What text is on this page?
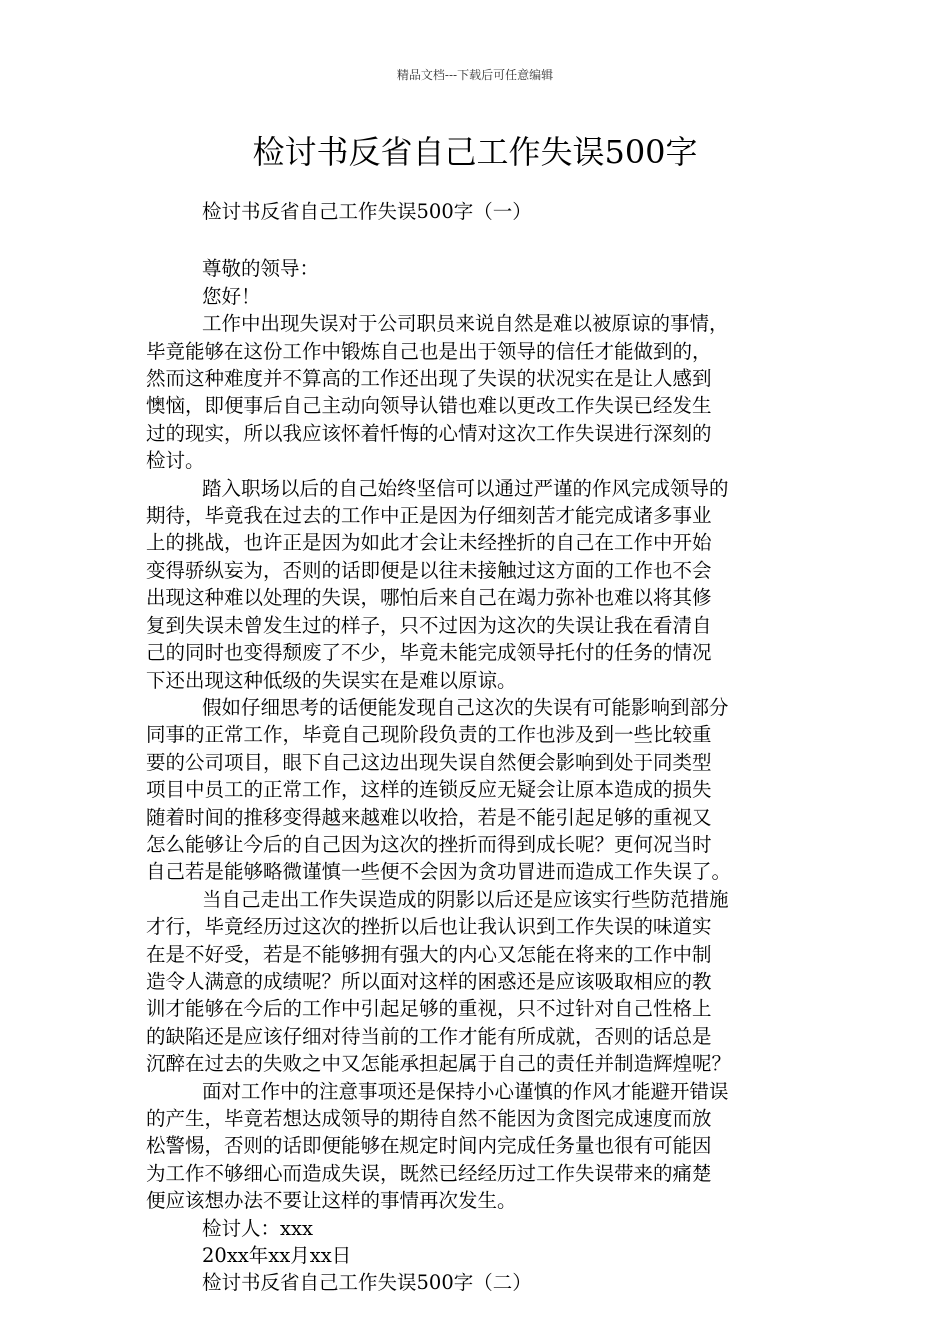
精品文档---下载后可任意编辑
检讨书反省自己工作失误500字
检讨书反省自己工作失误500字（一）
尊敬的领导：
您好！
工作中出现失误对于公司职员来说自然是难以被原谅的事情，
毕竟能够在这份工作中锻炼自己也是出于领导的信任才能做到的，
然而这种难度并不算高的工作还出现了失误的状况实在是让人感到
懊恼，即便事后自己主动向领导认错也难以更改工作失误已经发生
过的现实，所以我应该怀着忏悔的心情对这次工作失误进行深刻的
检讨。
踏入职场以后的自己始终坚信可以通过严谨的作风完成领导的
期待，毕竟我在过去的工作中正是因为仔细刻苦才能完成诸多事业
上的挑战，也许正是因为如此才会让未经挫折的自己在工作中开始
变得骄纵妄为，否则的话即便是以往未接触过这方面的工作也不会
出现这种难以处理的失误，哪怕后来自己在竭力弥补也难以将其修
复到失误未曾发生过的样子，只不过因为这次的失误让我在看清自
己的同时也变得颓废了不少，毕竟未能完成领导托付的任务的情况
下还出现这种低级的失误实在是难以原谅。
假如仔细思考的话便能发现自己这次的失误有可能影响到部分
同事的正常工作，毕竟自己现阶段负责的工作也涉及到一些比较重
要的公司项目，眼下自己这边出现失误自然便会影响到处于同类型
项目中员工的正常工作，这样的连锁反应无疑会让原本造成的损失
随着时间的推移变得越来越难以收拾，若是不能引起足够的重视又
怎么能够让今后的自己因为这次的挫折而得到成长呢？更何况当时
自己若是能够略微谨慎一些便不会因为贪功冒进而造成工作失误了。
当自己走出工作失误造成的阴影以后还是应该实行些防范措施
才行，毕竟经历过这次的挫折以后也让我认识到工作失误的味道实
在是不好受，若是不能够拥有强大的内心又怎能在将来的工作中制
造令人满意的成绩呢？所以面对这样的困惑还是应该吸取相应的教
训才能够在今后的工作中引起足够的重视，只不过针对自己性格上
的缺陷还是应该仔细对待当前的工作才能有所成就，否则的话总是
沉醉在过去的失败之中又怎能承担起属于自己的责任并制造辉煌呢？
面对工作中的注意事项还是保持小心谨慎的作风才能避开错误
的产生，毕竟若想达成领导的期待自然不能因为贪图完成速度而放
松警惕，否则的话即便能够在规定时间内完成任务量也很有可能因
为工作不够细心而造成失误，既然已经经历过工作失误带来的痛楚
便应该想办法不要让这样的事情再次发生。
检讨人：xxx
20xx年xx月xx日
检讨书反省自己工作失误500字（二）
